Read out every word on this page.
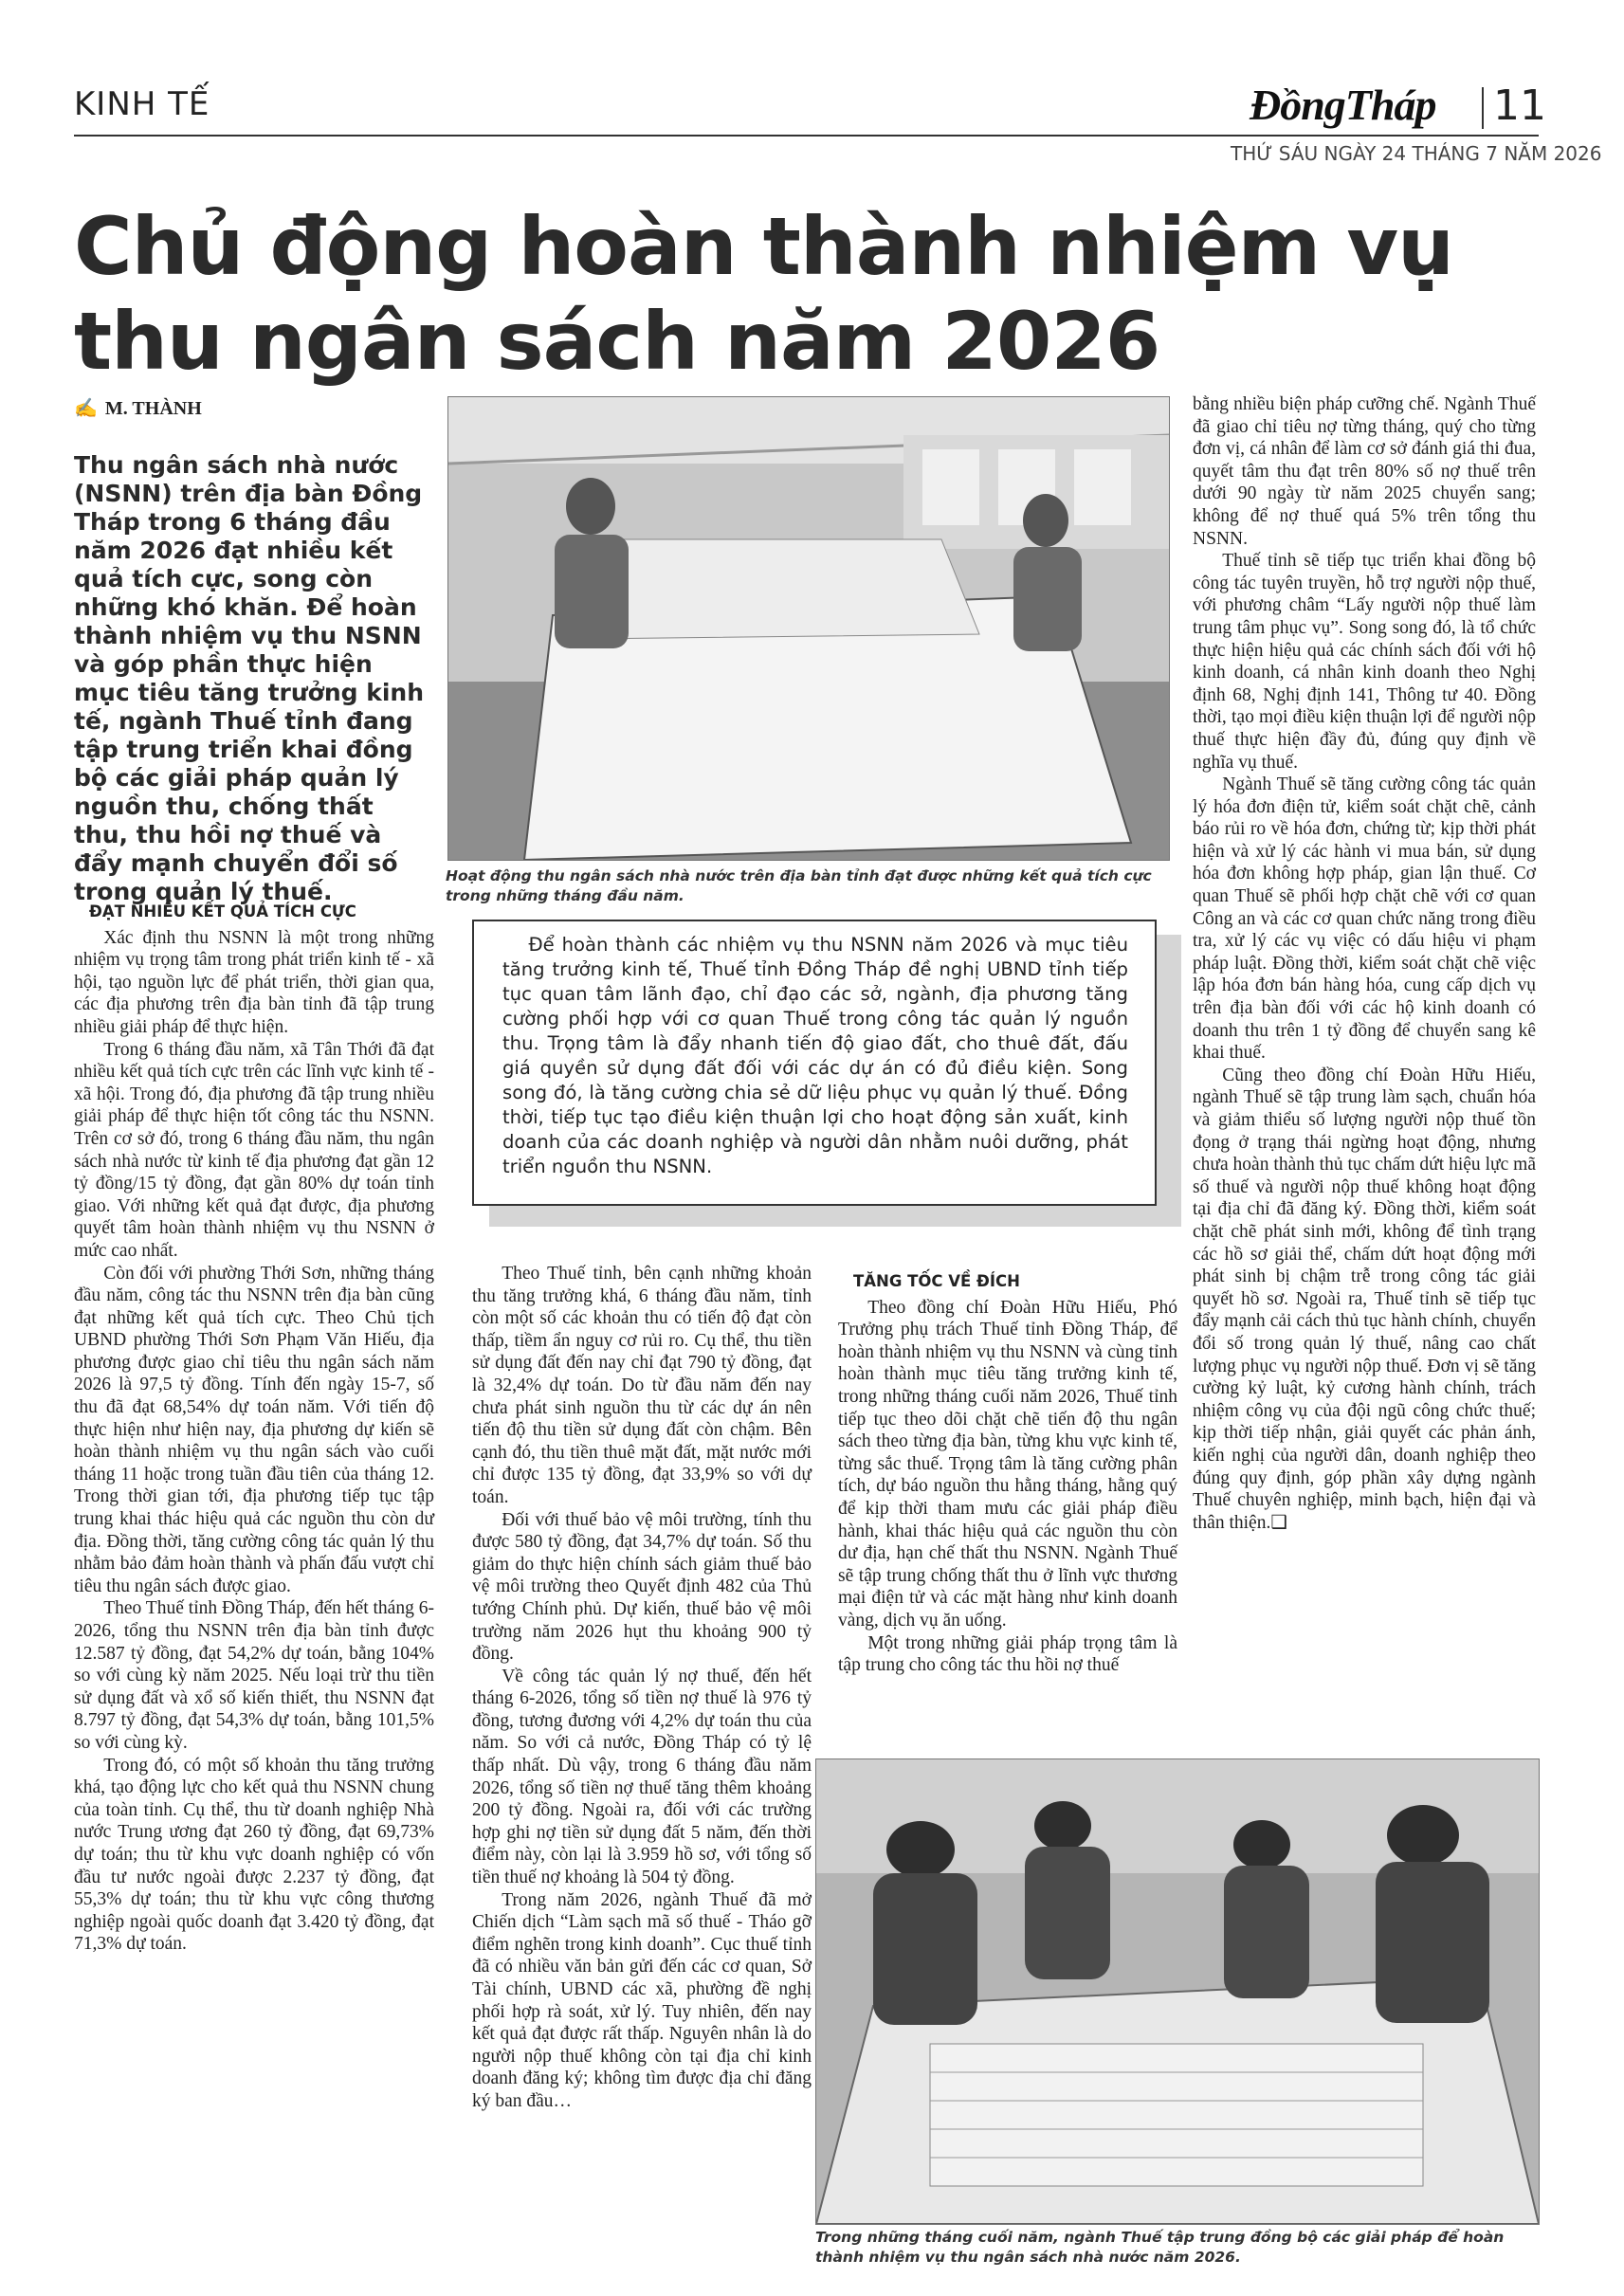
KINH TẾ	ĐồngTháp 11
THỨ SÁU NGÀY 24 THÁNG 7 NĂM 2026
Chủ động hoàn thành nhiệm vụ
thu ngân sách năm 2026
✍ M. THÀNH
Thu ngân sách nhà nước (NSNN) trên địa bàn Đồng Tháp trong 6 tháng đầu năm 2026 đạt nhiều kết quả tích cực, song còn những khó khăn. Để hoàn thành nhiệm vụ thu NSNN và góp phần thực hiện mục tiêu tăng trưởng kinh tế, ngành Thuế tỉnh đang tập trung triển khai đồng bộ các giải pháp quản lý nguồn thu, chống thất thu, thu hồi nợ thuế và đẩy mạnh chuyển đổi số trong quản lý thuế.
ĐẠT NHIỀU KẾT QUẢ TÍCH CỰC

Xác định thu NSNN là một trong những nhiệm vụ trọng tâm trong phát triển kinh tế - xã hội, tạo nguồn lực để phát triển, thời gian qua, các địa phương trên địa bàn tỉnh đã tập trung nhiều giải pháp để thực hiện.

Trong 6 tháng đầu năm, xã Tân Thới đã đạt nhiều kết quả tích cực trên các lĩnh vực kinh tế - xã hội. Trong đó, địa phương đã tập trung nhiều giải pháp để thực hiện tốt công tác thu NSNN. Trên cơ sở đó, trong 6 tháng đầu năm, thu ngân sách nhà nước từ kinh tế địa phương đạt gần 12 tỷ đồng/15 tỷ đồng, đạt gần 80% dự toán tỉnh giao. Với những kết quả đạt được, địa phương quyết tâm hoàn thành nhiệm vụ thu NSNN ở mức cao nhất.

Còn đối với phường Thới Sơn, những tháng đầu năm, công tác thu NSNN trên địa bàn cũng đạt những kết quả tích cực. Theo Chủ tịch UBND phường Thới Sơn Phạm Văn Hiếu, địa phương được giao chỉ tiêu thu ngân sách năm 2026 là 97,5 tỷ đồng. Tính đến ngày 15-7, số thu đã đạt 68,54% dự toán năm. Với tiến độ thực hiện như hiện nay, địa phương dự kiến sẽ hoàn thành nhiệm vụ thu ngân sách vào cuối tháng 11 hoặc trong tuần đầu tiên của tháng 12. Trong thời gian tới, địa phương tiếp tục tập trung khai thác hiệu quả các nguồn thu còn dư địa. Đồng thời, tăng cường công tác quản lý thu nhằm bảo đảm hoàn thành và phấn đấu vượt chỉ tiêu thu ngân sách được giao.

Theo Thuế tỉnh Đồng Tháp, đến hết tháng 6-2026, tổng thu NSNN trên địa bàn tỉnh được 12.587 tỷ đồng, đạt 54,2% dự toán, bằng 104% so với cùng kỳ năm 2025. Nếu loại trừ thu tiền sử dụng đất và xổ số kiến thiết, thu NSNN đạt 8.797 tỷ đồng, đạt 54,3% dự toán, bằng 101,5% so với cùng kỳ.

Trong đó, có một số khoản thu tăng trưởng khá, tạo động lực cho kết quả thu NSNN chung của toàn tỉnh. Cụ thể, thu từ doanh nghiệp Nhà nước Trung ương đạt 260 tỷ đồng, đạt 69,73% dự toán; thu từ khu vực doanh nghiệp có vốn đầu tư nước ngoài được 2.237 tỷ đồng, đạt 55,3% dự toán; thu từ khu vực công thương nghiệp ngoài quốc doanh đạt 3.420 tỷ đồng, đạt 71,3% dự toán.

Hoạt động thu ngân sách nhà nước trên địa bàn tỉnh đạt được những kết quả tích cực trong những tháng đầu năm.
Để hoàn thành các nhiệm vụ thu NSNN năm 2026 và mục tiêu tăng trưởng kinh tế, Thuế tỉnh Đồng Tháp đề nghị UBND tỉnh tiếp tục quan tâm lãnh đạo, chỉ đạo các sở, ngành, địa phương tăng cường phối hợp với cơ quan Thuế trong công tác quản lý nguồn thu. Trọng tâm là đẩy nhanh tiến độ giao đất, cho thuê đất, đấu giá quyền sử dụng đất đối với các dự án có đủ điều kiện. Song song đó, là tăng cường chia sẻ dữ liệu phục vụ quản lý thuế. Đồng thời, tiếp tục tạo điều kiện thuận lợi cho hoạt động sản xuất, kinh doanh của các doanh nghiệp và người dân nhằm nuôi dưỡng, phát triển nguồn thu NSNN.

Theo Thuế tỉnh, bên cạnh những khoản thu tăng trưởng khá, 6 tháng đầu năm, tỉnh còn một số các khoản thu có tiến độ đạt còn thấp, tiềm ẩn nguy cơ rủi ro. Cụ thể, thu tiền sử dụng đất đến nay chỉ đạt 790 tỷ đồng, đạt là 32,4% dự toán. Do từ đầu năm đến nay chưa phát sinh nguồn thu từ các dự án nên tiến độ thu tiền sử dụng đất còn chậm. Bên cạnh đó, thu tiền thuê mặt đất, mặt nước mới chỉ được 135 tỷ đồng, đạt 33,9% so với dự toán.

Đối với thuế bảo vệ môi trường, tính thu được 580 tỷ đồng, đạt 34,7% dự toán. Số thu giảm do thực hiện chính sách giảm thuế bảo vệ môi trường theo Quyết định 482 của Thủ tướng Chính phủ. Dự kiến, thuế bảo vệ môi trường năm 2026 hụt thu khoảng 900 tỷ đồng.

Về công tác quản lý nợ thuế, đến hết tháng 6-2026, tổng số tiền nợ thuế là 976 tỷ đồng, tương đương với 4,2% dự toán thu của năm. So với cả nước, Đồng Tháp có tỷ lệ thấp nhất. Dù vậy, trong 6 tháng đầu năm 2026, tổng số tiền nợ thuế tăng thêm khoảng 200 tỷ đồng. Ngoài ra, đối với các trường hợp ghi nợ tiền sử dụng đất 5 năm, đến thời điểm này, còn lại là 3.959 hồ sơ, với tổng số tiền thuế nợ khoảng là 504 tỷ đồng.

Trong năm 2026, ngành Thuế đã mở Chiến dịch “Làm sạch mã số thuế - Tháo gỡ điểm nghẽn trong kinh doanh”. Cục thuế tỉnh đã có nhiều văn bản gửi đến các cơ quan, Sở Tài chính, UBND các xã, phường đề nghị phối hợp rà soát, xử lý. Tuy nhiên, đến nay kết quả đạt được rất thấp. Nguyên nhân là do người nộp thuế không còn tại địa chỉ kinh doanh đăng ký; không tìm được địa chỉ đăng ký ban đầu…

TĂNG TỐC VỀ ĐÍCH

Theo đồng chí Đoàn Hữu Hiếu, Phó Trưởng phụ trách Thuế tỉnh Đồng Tháp, để hoàn thành nhiệm vụ thu NSNN và cùng tỉnh hoàn thành mục tiêu tăng trưởng kinh tế, trong những tháng cuối năm 2026, Thuế tỉnh tiếp tục theo dõi chặt chẽ tiến độ thu ngân sách theo từng địa bàn, từng khu vực kinh tế, từng sắc thuế. Trọng tâm là tăng cường phân tích, dự báo nguồn thu hằng tháng, hằng quý để kịp thời tham mưu các giải pháp điều hành, khai thác hiệu quả các nguồn thu còn dư địa, hạn chế thất thu NSNN. Ngành Thuế sẽ tập trung chống thất thu ở lĩnh vực thương mại điện tử và các mặt hàng như kinh doanh vàng, dịch vụ ăn uống.

Một trong những giải pháp trọng tâm là tập trung cho công tác thu hồi nợ thuế

bằng nhiều biện pháp cưỡng chế. Ngành Thuế đã giao chỉ tiêu nợ từng tháng, quý cho từng đơn vị, cá nhân để làm cơ sở đánh giá thi đua, quyết tâm thu đạt trên 80% số nợ thuế trên dưới 90 ngày từ năm 2025 chuyển sang; không để nợ thuế quá 5% trên tổng thu NSNN.

Thuế tỉnh sẽ tiếp tục triển khai đồng bộ công tác tuyên truyền, hỗ trợ người nộp thuế, với phương châm “Lấy người nộp thuế làm trung tâm phục vụ”. Song song đó, là tổ chức thực hiện hiệu quả các chính sách đối với hộ kinh doanh, cá nhân kinh doanh theo Nghị định 68, Nghị định 141, Thông tư 40. Đồng thời, tạo mọi điều kiện thuận lợi để người nộp thuế thực hiện đầy đủ, đúng quy định về nghĩa vụ thuế.

Ngành Thuế sẽ tăng cường công tác quản lý hóa đơn điện tử, kiểm soát chặt chẽ, cảnh báo rủi ro về hóa đơn, chứng từ; kịp thời phát hiện và xử lý các hành vi mua bán, sử dụng hóa đơn không hợp pháp, gian lận thuế. Cơ quan Thuế sẽ phối hợp chặt chẽ với cơ quan Công an và các cơ quan chức năng trong điều tra, xử lý các vụ việc có dấu hiệu vi phạm pháp luật. Đồng thời, kiểm soát chặt chẽ việc lập hóa đơn bán hàng hóa, cung cấp dịch vụ trên địa bàn đối với các hộ kinh doanh có doanh thu trên 1 tỷ đồng để chuyển sang kê khai thuế.

Cũng theo đồng chí Đoàn Hữu Hiếu, ngành Thuế sẽ tập trung làm sạch, chuẩn hóa và giảm thiểu số lượng người nộp thuế tồn đọng ở trạng thái ngừng hoạt động, nhưng chưa hoàn thành thủ tục chấm dứt hiệu lực mã số thuế và người nộp thuế không hoạt động tại địa chỉ đã đăng ký. Đồng thời, kiểm soát chặt chẽ phát sinh mới, không để tình trạng các hồ sơ giải thể, chấm dứt hoạt động mới phát sinh bị chậm trễ trong công tác giải quyết hồ sơ. Ngoài ra, Thuế tỉnh sẽ tiếp tục đẩy mạnh cải cách thủ tục hành chính, chuyển đổi số trong quản lý thuế, nâng cao chất lượng phục vụ người nộp thuế. Đơn vị sẽ tăng cường kỷ luật, kỷ cương hành chính, trách nhiệm công vụ của đội ngũ công chức thuế; kịp thời tiếp nhận, giải quyết các phản ánh, kiến nghị của người dân, doanh nghiệp theo đúng quy định, góp phần xây dựng ngành Thuế chuyên nghiệp, minh bạch, hiện đại và thân thiện.❑

Trong những tháng cuối năm, ngành Thuế tập trung đồng bộ các giải pháp để hoàn thành nhiệm vụ thu ngân sách nhà nước năm 2026.
